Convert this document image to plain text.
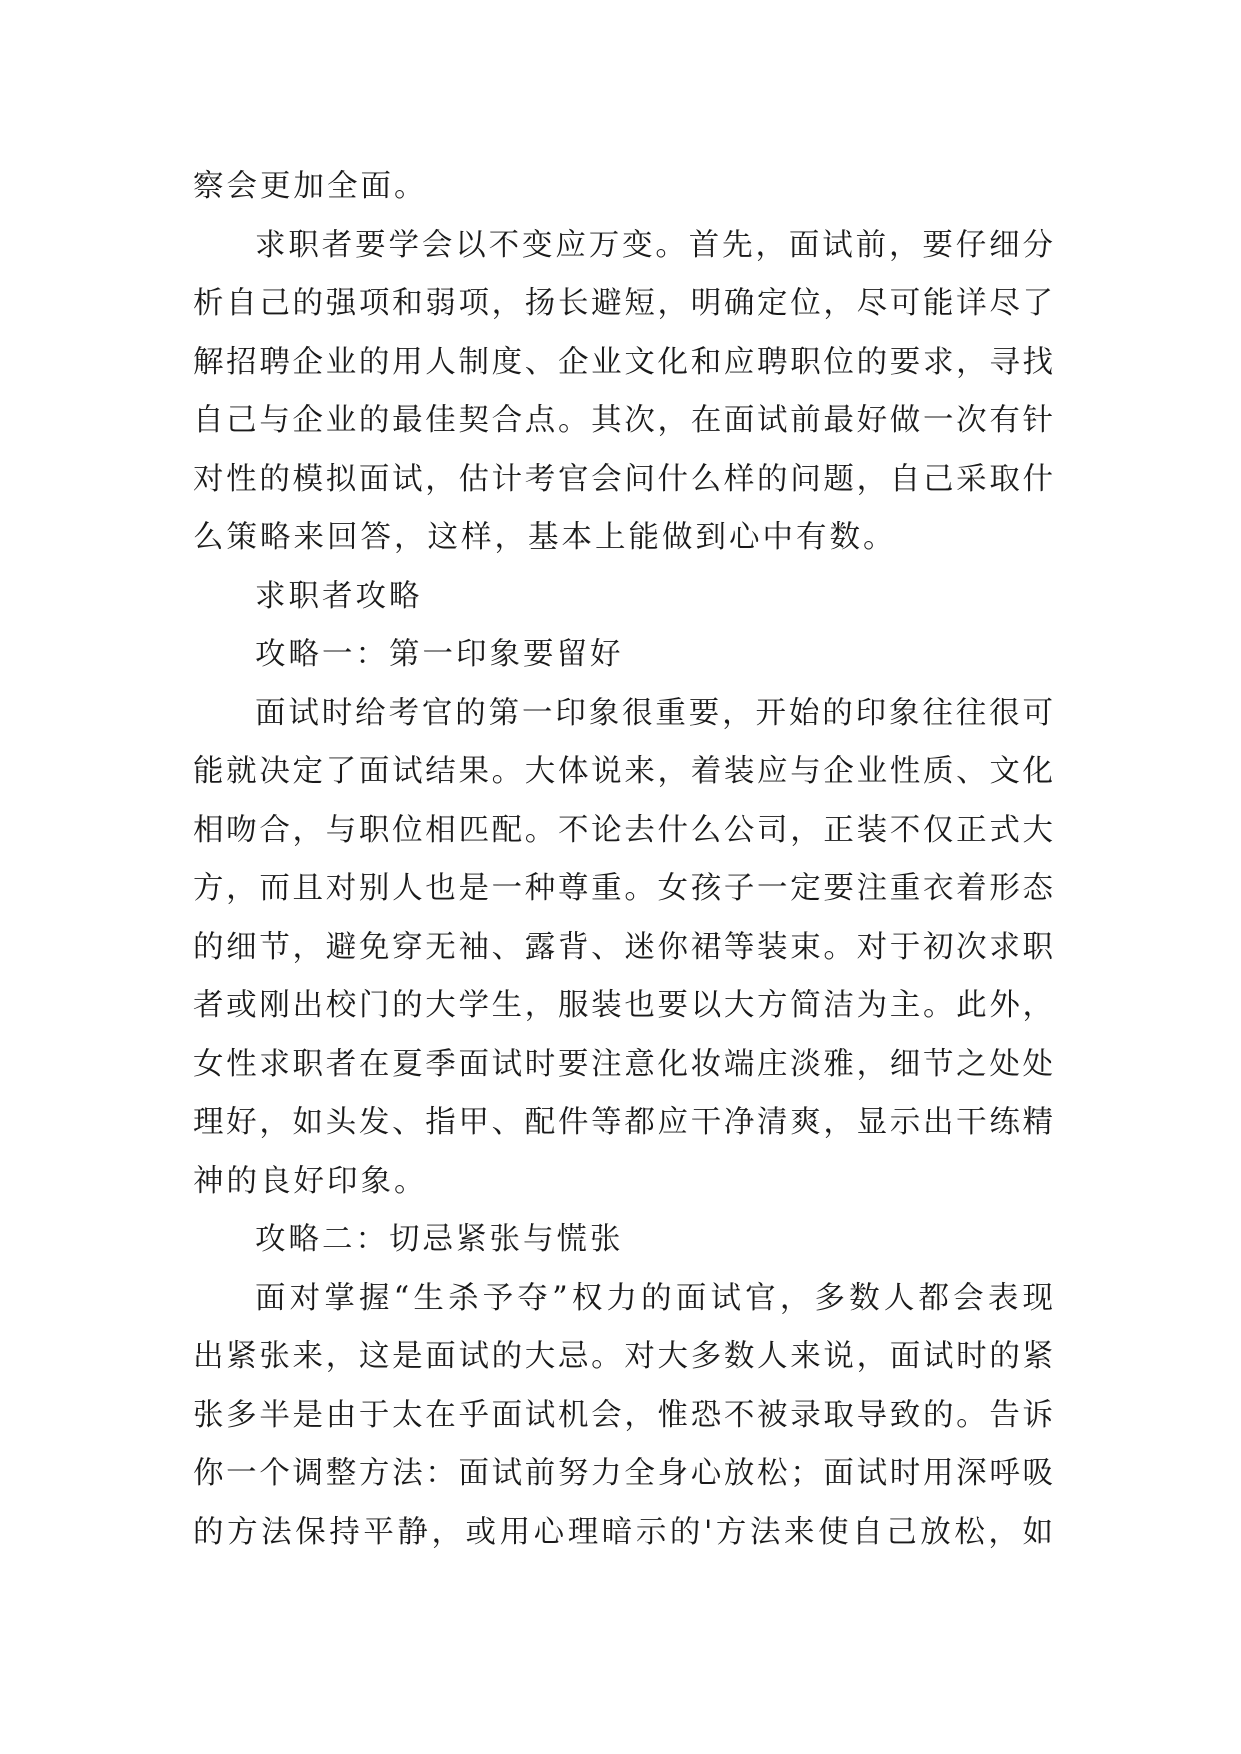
察会更加全面。
求职者要学会以不变应万变。首先，面试前，要仔细分
析自己的强项和弱项，扬长避短，明确定位，尽可能详尽了
解招聘企业的用人制度、企业文化和应聘职位的要求，寻找
自己与企业的最佳契合点。其次，在面试前最好做一次有针
对性的模拟面试，估计考官会问什么样的问题，自己采取什
么策略来回答，这样，基本上能做到心中有数。
求职者攻略
攻略一：第一印象要留好
面试时给考官的第一印象很重要，开始的印象往往很可
能就决定了面试结果。大体说来，着装应与企业性质、文化
相吻合，与职位相匹配。不论去什么公司，正装不仅正式大
方，而且对别人也是一种尊重。女孩子一定要注重衣着形态
的细节，避免穿无袖、露背、迷你裙等装束。对于初次求职
者或刚出校门的大学生，服装也要以大方简洁为主。此外，
女性求职者在夏季面试时要注意化妆端庄淡雅，细节之处处
理好，如头发、指甲、配件等都应干净清爽，显示出干练精
神的良好印象。
攻略二：切忌紧张与慌张
面对掌握“生杀予夺”权力的面试官，多数人都会表现
出紧张来，这是面试的大忌。对大多数人来说，面试时的紧
张多半是由于太在乎面试机会，惟恐不被录取导致的。告诉
你一个调整方法：面试前努力全身心放松；面试时用深呼吸
的方法保持平静，或用心理暗示的'方法来使自己放松，如
